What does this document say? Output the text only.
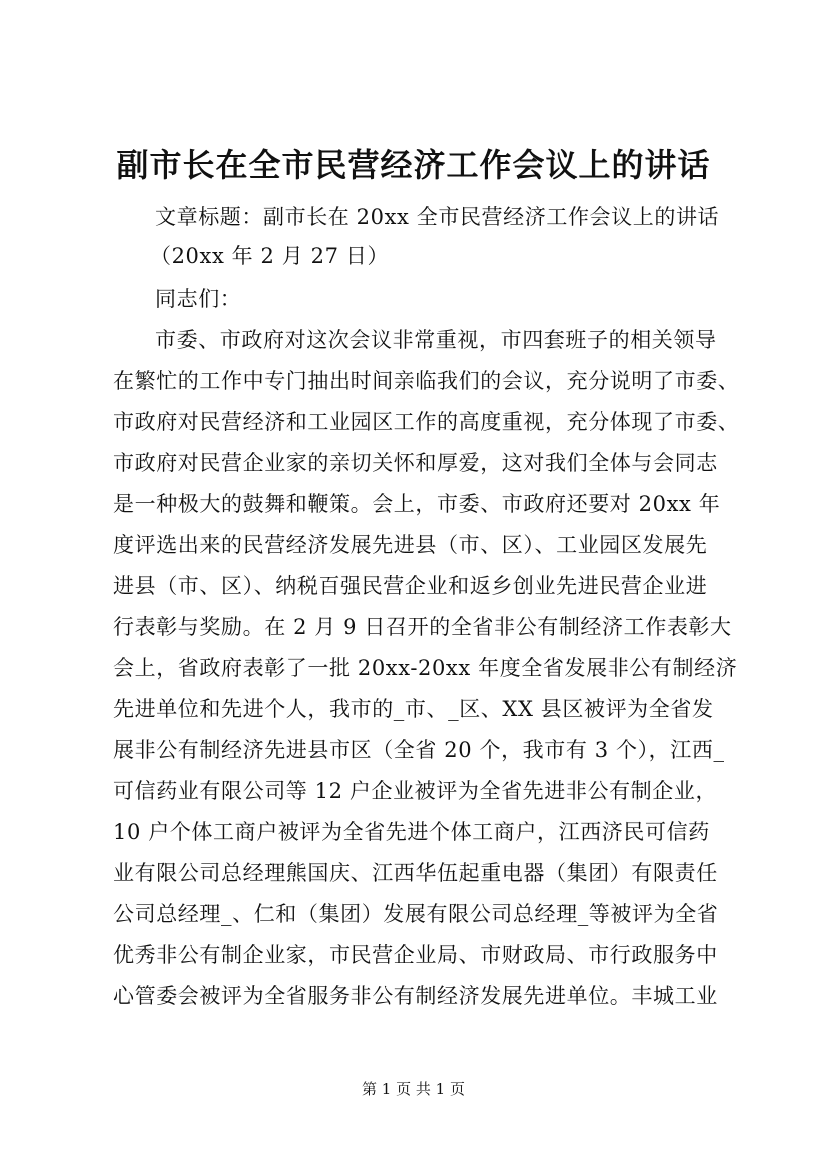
副市长在全市民营经济工作会议上的讲话
文章标题：副市长在 20xx 全市民营经济工作会议上的讲话
（20xx 年 2 月 27 日）
同志们：
市委、市政府对这次会议非常重视，市四套班子的相关领导
在繁忙的工作中专门抽出时间亲临我们的会议，充分说明了市委、
市政府对民营经济和工业园区工作的高度重视，充分体现了市委、
市政府对民营企业家的亲切关怀和厚爱，这对我们全体与会同志
是一种极大的鼓舞和鞭策。会上，市委、市政府还要对 20xx 年
度评选出来的民营经济发展先进县（市、区）、工业园区发展先
进县（市、区）、纳税百强民营企业和返乡创业先进民营企业进
行表彰与奖励。在 2 月 9 日召开的全省非公有制经济工作表彰大
会上，省政府表彰了一批 20xx-20xx 年度全省发展非公有制经济
先进单位和先进个人，我市的_市、_区、XX 县区被评为全省发
展非公有制经济先进县市区（全省 20 个，我市有 3 个），江西_
可信药业有限公司等 12 户企业被评为全省先进非公有制企业，
10 户个体工商户被评为全省先进个体工商户，江西济民可信药
业有限公司总经理熊国庆、江西华伍起重电器（集团）有限责任
公司总经理_、仁和（集团）发展有限公司总经理_等被评为全省
优秀非公有制企业家，市民营企业局、市财政局、市行政服务中
心管委会被评为全省服务非公有制经济发展先进单位。丰城工业
第 1 页 共 1 页
